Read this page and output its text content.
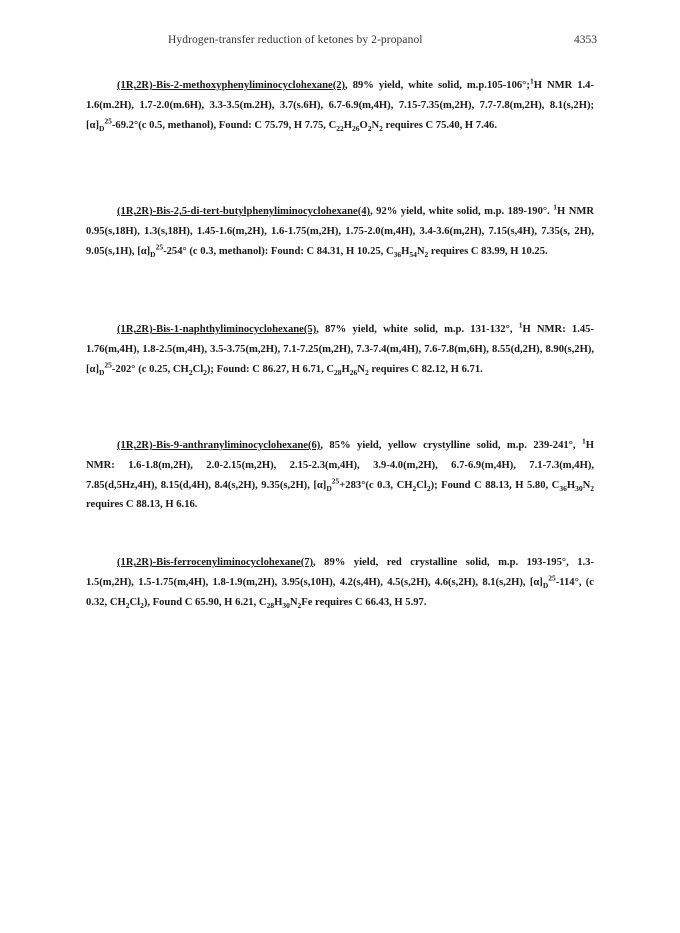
Hydrogen-transfer reduction of ketones by 2-propanol	4353

(1R,2R)-Bis-2-methoxyphenyliminocyclohexane(2), 89% yield, white solid, m.p.105-106°;$^1$H NMR 1.4-1.6(m.2H), 1.7-2.0(m.6H), 3.3-3.5(m.2H), 3.7(s.6H), 6.7-6.9(m,4H), 7.15-7.35(m,2H), 7.7-7.8(m,2H), 8.1(s,2H); $[\alpha]_D^{25}-69.2^\circ(c$ 0.5, methanol), Found: C 75.79, H 7.75, $C_{22}H_{26}O_2N_2$ requires C 75.40, H 7.46.

(1R,2R)-Bis-2,5-di-tert-butylphenyliminocyclohexane(4), 92% yield, white solid, m.p. 189-190°. $^1$H NMR 0.95(s,18H), 1.3(s,18H), 1.45-1.6(m,2H), 1.6-1.75(m,2H), 1.75-2.0(m,4H), 3.4-3.6(m,2H), 7.15(s,4H), 7.35(s, 2H), 9.05(s,1H), $[\alpha]_D^{25}-254^\circ$ (c 0.3, methanol): Found: C 84.31, H 10.25, $C_{36}H_{54}N_2$ requires C 83.99, H 10.25.

(1R,2R)-Bis-1-naphthyliminocyclohexane(5), 87% yield, white solid, m.p. 131-132°, $^1$H NMR: 1.45-1.76(m,4H), 1.8-2.5(m,4H), 3.5-3.75(m,2H), 7.1-7.25(m,2H), 7.3-7.4(m,4H), 7.6-7.8(m,6H), 8.55(d,2H), 8.90(s,2H), $[\alpha]_D^{25}-202^\circ$ (c 0.25, $CH_2Cl_2$); Found: C 86.27, H 6.71, $C_{28}H_{26}N_2$ requires C 82.12, H 6.71.

(1R,2R)-Bis-9-anthranyliminocyclohexane(6), 85% yield, yellow crystylline solid, m.p. 239-241°, $^1$H NMR: 1.6-1.8(m,2H), 2.0-2.15(m,2H), 2.15-2.3(m,4H), 3.9-4.0(m,2H), 6.7-6.9(m,4H), 7.1-7.3(m,4H), 7.85(d,5Hz,4H), 8.15(d,4H), 8.4(s,2H), 9.35(s,2H), $[\alpha]_D^{25}+283^\circ(c$ 0.3, $CH_2Cl_2$); Found C 88.13, H 5.80, $C_{36}H_{30}N_2$ requires C 88.13, H 6.16.

(1R,2R)-Bis-ferrocenyliminocyclohexane(7), 89% yield, red crystalline solid, m.p. 193-195°, 1.3-1.5(m,2H), 1.5-1.75(m,4H), 1.8-1.9(m,2H), 3.95(s,10H), 4.2(s,4H), 4.5(s,2H), 4.6(s,2H), 8.1(s,2H), $[\alpha]_D^{25}-114^\circ$, (c 0.32, $CH_2Cl_2$), Found C 65.90, H 6.21, $C_{28}H_{30}N_2Fe$ requires C 66.43, H 5.97.
